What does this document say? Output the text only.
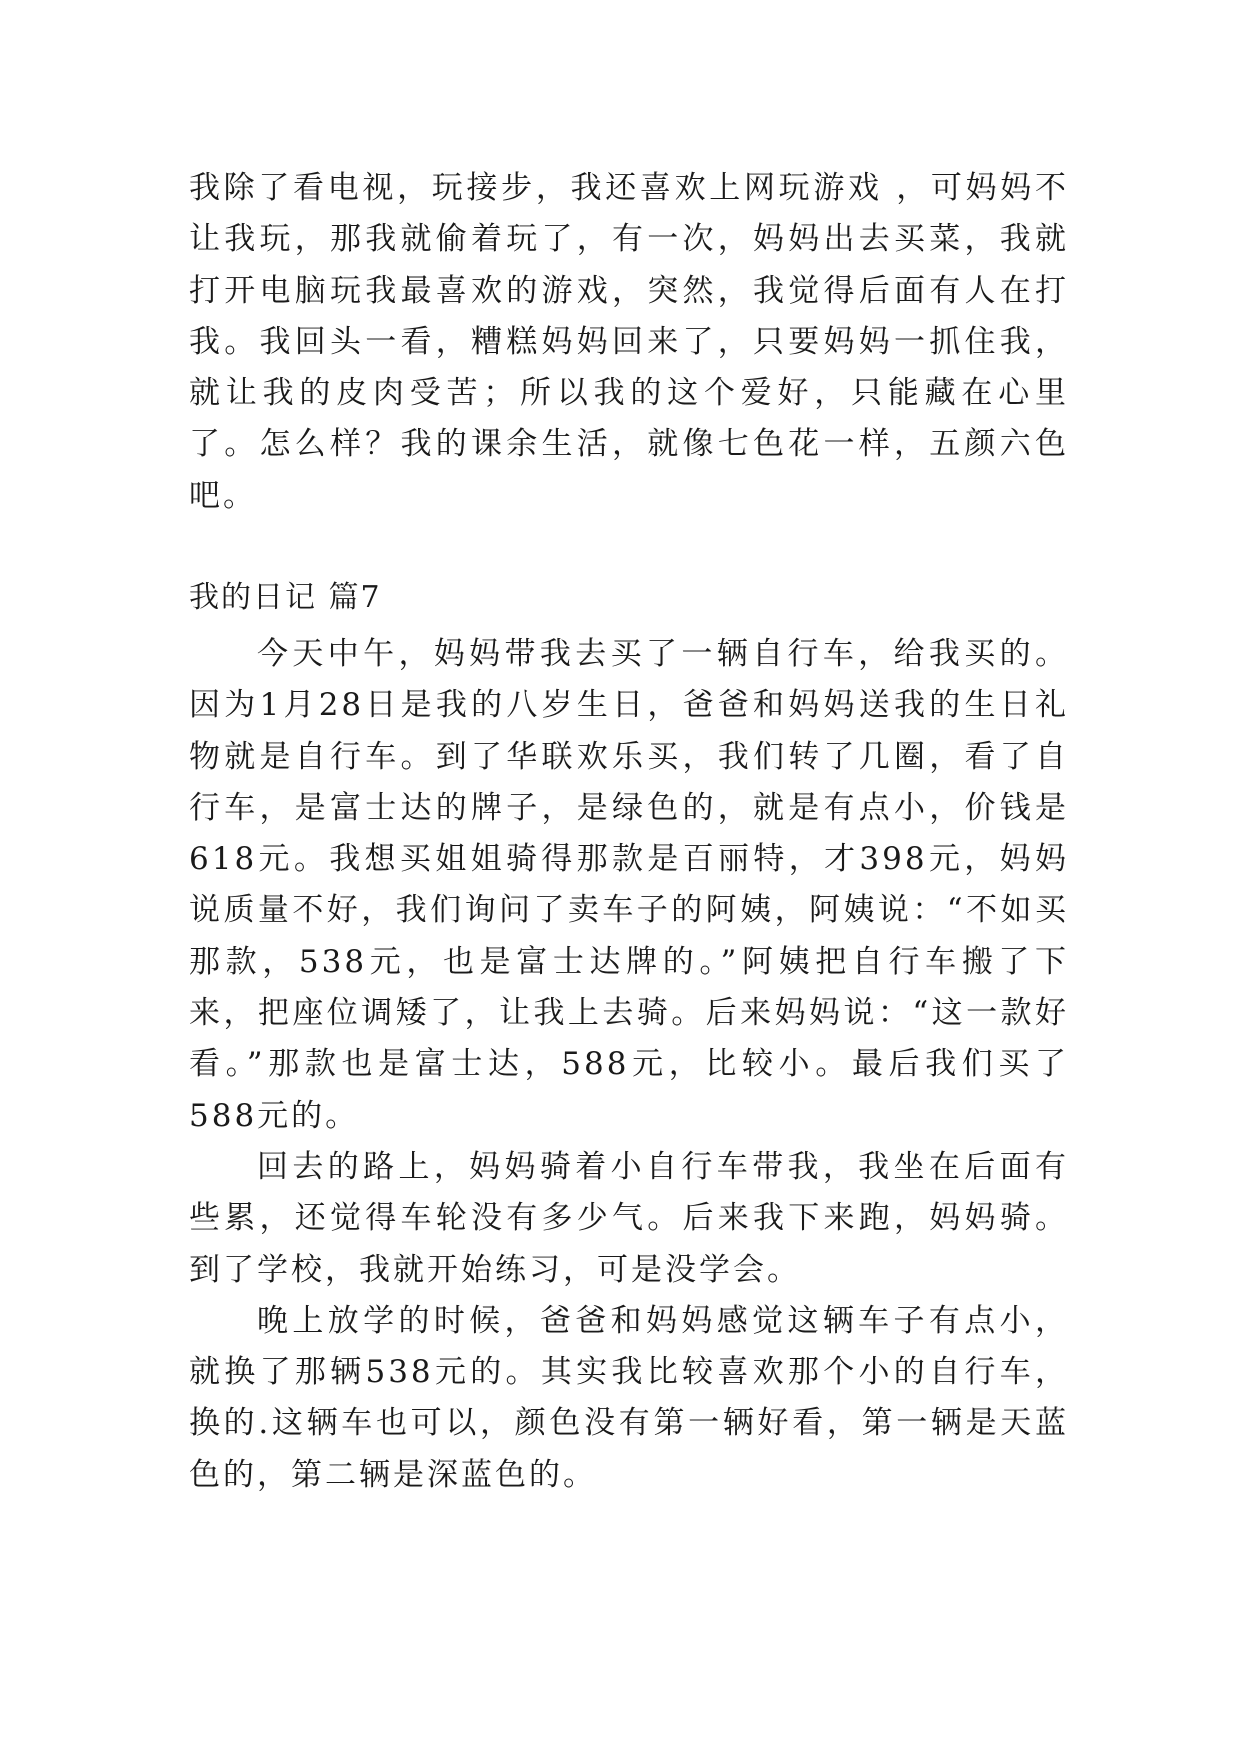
我除了看电视，玩接步，我还喜欢上网玩游戏 ，可妈妈不让我玩，那我就偷着玩了，有一次，妈妈出去买菜，我就打开电脑玩我最喜欢的游戏，突然，我觉得后面有人在打我。我回头一看，糟糕妈妈回来了，只要妈妈一抓住我，就让我的皮肉受苦；所以我的这个爱好，只能藏在心里了。怎么样？我的课余生活，就像七色花一样，五颜六色吧。

我的日记 篇7

今天中午，妈妈带我去买了一辆自行车，给我买的。因为1月28日是我的八岁生日，爸爸和妈妈送我的生日礼物就是自行车。到了华联欢乐买，我们转了几圈，看了自行车，是富士达的牌子，是绿色的，就是有点小，价钱是618元。我想买姐姐骑得那款是百丽特，才398元，妈妈说质量不好，我们询问了卖车子的阿姨，阿姨说：“不如买那款，538元，也是富士达牌的。”阿姨把自行车搬了下来，把座位调矮了，让我上去骑。后来妈妈说：“这一款好看。”那款也是富士达，588元，比较小。最后我们买了588元的。

回去的路上，妈妈骑着小自行车带我，我坐在后面有些累，还觉得车轮没有多少气。后来我下来跑，妈妈骑。到了学校，我就开始练习，可是没学会。

晚上放学的时候，爸爸和妈妈感觉这辆车子有点小，就换了那辆538元的。其实我比较喜欢那个小的自行车，换的.这辆车也可以，颜色没有第一辆好看，第一辆是天蓝色的，第二辆是深蓝色的。
